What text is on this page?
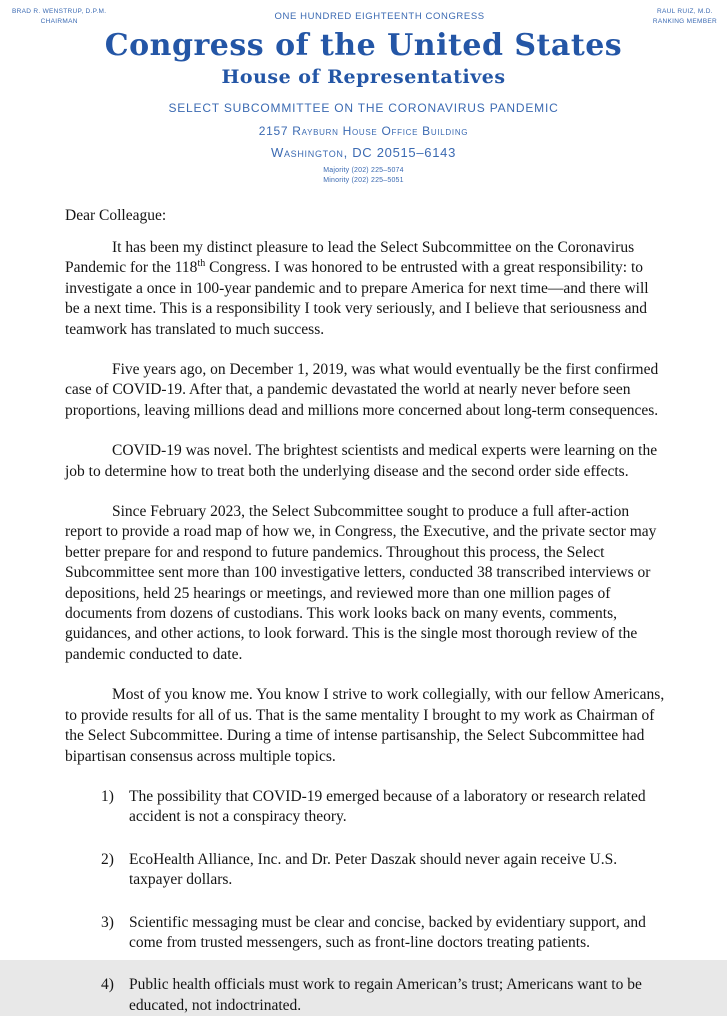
BRAD R. WENSTRUP, D.P.M.
CHAIRMAN	ONE HUNDRED EIGHTEENTH CONGRESS	RAUL RUIZ, M.D.
RANKING MEMBER
Congress of the United States
House of Representatives
SELECT SUBCOMMITTEE ON THE CORONAVIRUS PANDEMIC
2157 Rayburn House Office Building
Washington, DC 20515–6143
Majority (202) 225–5074
Minority (202) 225–5051

Dear Colleague:

It has been my distinct pleasure to lead the Select Subcommittee on the Coronavirus Pandemic for the 118th Congress. I was honored to be entrusted with a great responsibility: to investigate a once in 100-year pandemic and to prepare America for next time—and there will be a next time. This is a responsibility I took very seriously, and I believe that seriousness and teamwork has translated to much success.

Five years ago, on December 1, 2019, was what would eventually be the first confirmed case of COVID-19. After that, a pandemic devastated the world at nearly never before seen proportions, leaving millions dead and millions more concerned about long-term consequences.

COVID-19 was novel. The brightest scientists and medical experts were learning on the job to determine how to treat both the underlying disease and the second order side effects.

Since February 2023, the Select Subcommittee sought to produce a full after-action report to provide a road map of how we, in Congress, the Executive, and the private sector may better prepare for and respond to future pandemics. Throughout this process, the Select Subcommittee sent more than 100 investigative letters, conducted 38 transcribed interviews or depositions, held 25 hearings or meetings, and reviewed more than one million pages of documents from dozens of custodians. This work looks back on many events, comments, guidances, and other actions, to look forward. This is the single most thorough review of the pandemic conducted to date.

Most of you know me. You know I strive to work collegially, with our fellow Americans, to provide results for all of us. That is the same mentality I brought to my work as Chairman of the Select Subcommittee. During a time of intense partisanship, the Select Subcommittee had bipartisan consensus across multiple topics.

1) The possibility that COVID-19 emerged because of a laboratory or research related accident is not a conspiracy theory.
2) EcoHealth Alliance, Inc. and Dr. Peter Daszak should never again receive U.S. taxpayer dollars.
3) Scientific messaging must be clear and concise, backed by evidentiary support, and come from trusted messengers, such as front-line doctors treating patients.
4) Public health officials must work to regain American’s trust; Americans want to be educated, not indoctrinated.
